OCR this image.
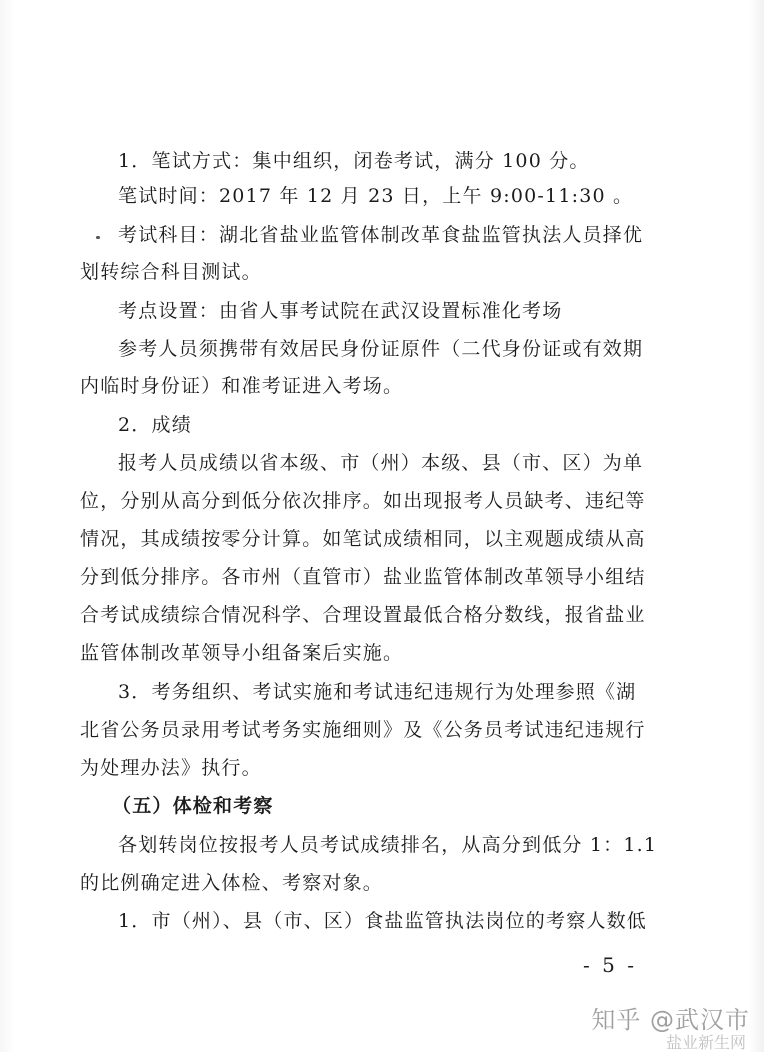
1．笔试方式：集中组织，闭卷考试，满分 100 分。
笔试时间：2017 年 12 月 23 日，上午 9:00-11:30 。
考试科目：湖北省盐业监管体制改革食盐监管执法人员择优
划转综合科目测试。
考点设置：由省人事考试院在武汉设置标准化考场
参考人员须携带有效居民身份证原件（二代身份证或有效期
内临时身份证）和准考证进入考场。
2．成绩
报考人员成绩以省本级、市（州）本级、县（市、区）为单
位，分别从高分到低分依次排序。如出现报考人员缺考、违纪等
情况，其成绩按零分计算。如笔试成绩相同，以主观题成绩从高
分到低分排序。各市州（直管市）盐业监管体制改革领导小组结
合考试成绩综合情况科学、合理设置最低合格分数线，报省盐业
监管体制改革领导小组备案后实施。
3．考务组织、考试实施和考试违纪违规行为处理参照《湖
北省公务员录用考试考务实施细则》及《公务员考试违纪违规行
为处理办法》执行。
（五）体检和考察
各划转岗位按报考人员考试成绩排名，从高分到低分 1：1.1
的比例确定进入体检、考察对象。
1．市（州）、县（市、区）食盐监管执法岗位的考察人数低
- 5 -
知乎 @武汉市
盐业新生网
